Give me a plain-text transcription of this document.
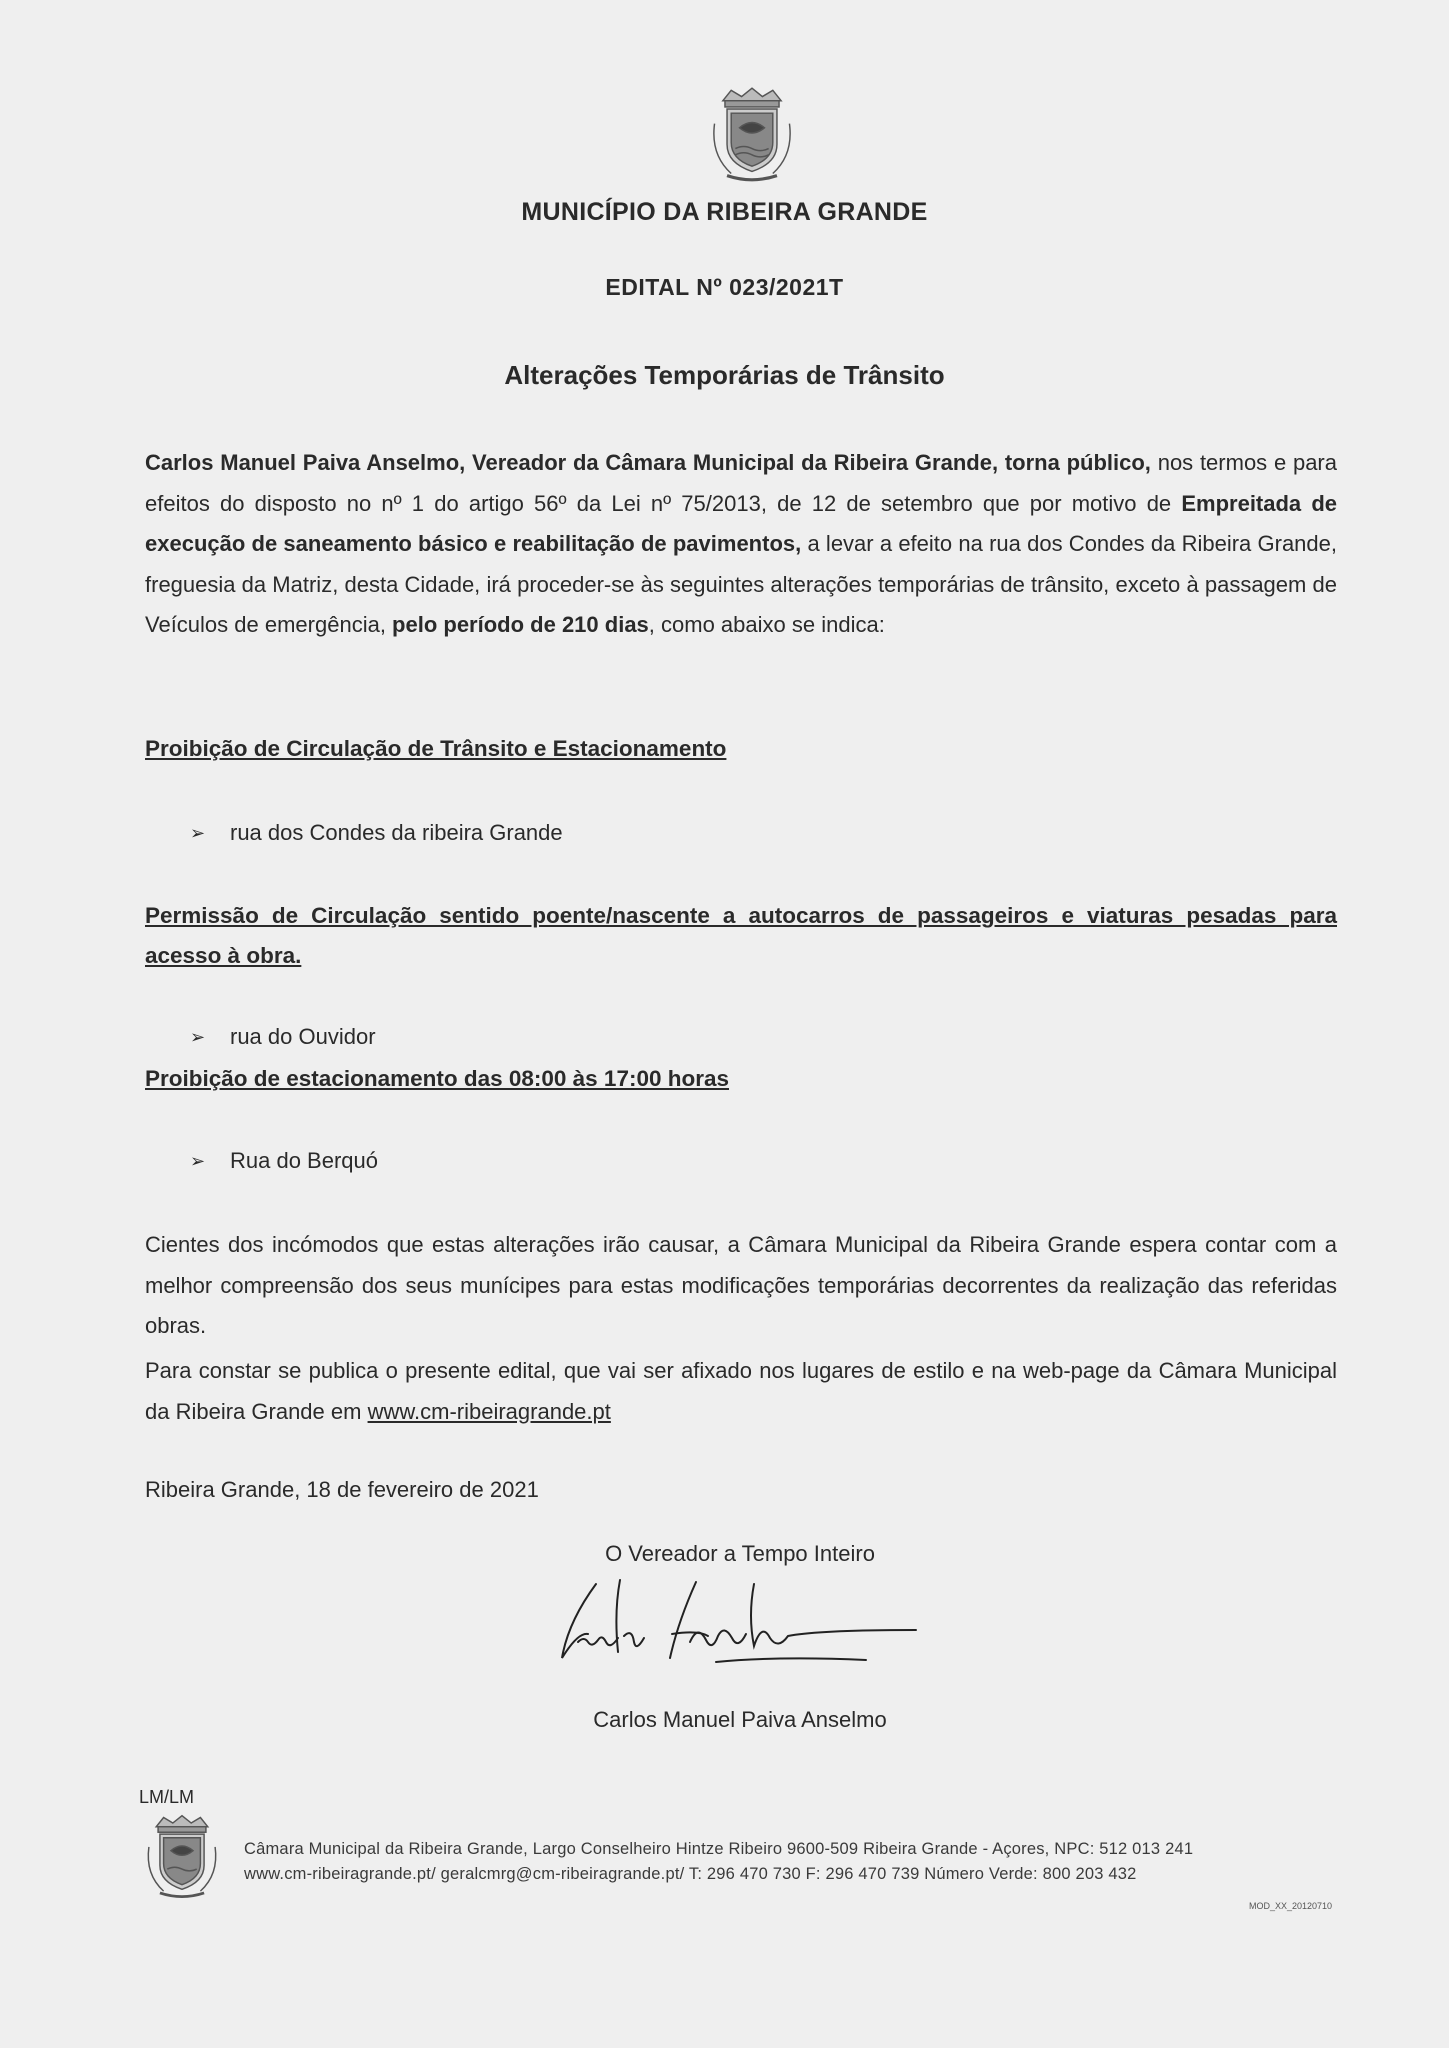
MUNICÍPIO DA RIBEIRA GRANDE
EDITAL Nº 023/2021T
Alterações Temporárias de Trânsito
Carlos Manuel Paiva Anselmo, Vereador da Câmara Municipal da Ribeira Grande, torna público, nos termos e para efeitos do disposto no nº 1 do artigo 56º da Lei nº 75/2013, de 12 de setembro que por motivo de Empreitada de execução de saneamento básico e reabilitação de pavimentos, a levar a efeito na rua dos Condes da Ribeira Grande, freguesia da Matriz, desta Cidade, irá proceder-se às seguintes alterações temporárias de trânsito, exceto à passagem de Veículos de emergência, pelo período de 210 dias, como abaixo se indica:
Proibição de Circulação de Trânsito e Estacionamento
➢	rua dos Condes da ribeira Grande
Permissão de Circulação sentido poente/nascente a autocarros de passageiros e viaturas pesadas para acesso à obra.
➢	rua do Ouvidor
Proibição de estacionamento das 08:00 às 17:00 horas
➢	Rua do Berquó
Cientes dos incómodos que estas alterações irão causar, a Câmara Municipal da Ribeira Grande espera contar com a melhor compreensão dos seus munícipes para estas modificações temporárias decorrentes da realização das referidas obras.
Para constar se publica o presente edital, que vai ser afixado nos lugares de estilo e na web-page da Câmara Municipal da Ribeira Grande em www.cm-ribeiragrande.pt
Ribeira Grande, 18 de fevereiro de 2021
O Vereador a Tempo Inteiro
Carlos Manuel Paiva Anselmo
LM/LM
Câmara Municipal da Ribeira Grande, Largo Conselheiro Hintze Ribeiro 9600-509 Ribeira Grande - Açores, NPC: 512 013 241
www.cm-ribeiragrande.pt/ geralcmrg@cm-ribeiragrande.pt/ T: 296 470 730 F: 296 470 739 Número Verde: 800 203 432
MOD_XX_20120710
